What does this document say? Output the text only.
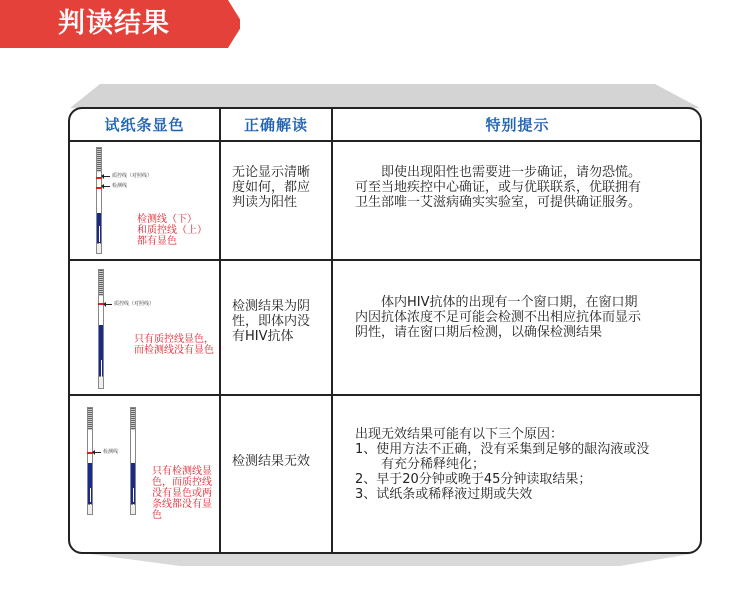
判读结果
试纸条显色	正确解读	特别提示
质控线（对照线）
检测线
检测线（下）
和质控线（上）
都有显色
无论显示清晰
度如何，都应
判读为阳性
　　即使出现阳性也需要进一步确证，请勿恐慌。
可至当地疾控中心确证，或与优联联系，优联拥有
卫生部唯一艾滋病确实实验室，可提供确证服务。
质控线（对照线）
只有质控线显色，
而检测线没有显色
检测结果为阴
性，即体内没
有HIV抗体
　　体内HIV抗体的出现有一个窗口期，在窗口期
内因抗体浓度不足可能会检测不出相应抗体而显示
阴性，请在窗口期后检测，以确保检测结果
检测线
只有检测线显
色，而质控线
没有显色或两
条线都没有显
色
检测结果无效
出现无效结果可能有以下三个原因：
1、使用方法不正确，没有采集到足够的龈沟液或没
　　有充分稀释纯化；
2、早于20分钟或晚于45分钟读取结果；
3、试纸条或稀释液过期或失效
